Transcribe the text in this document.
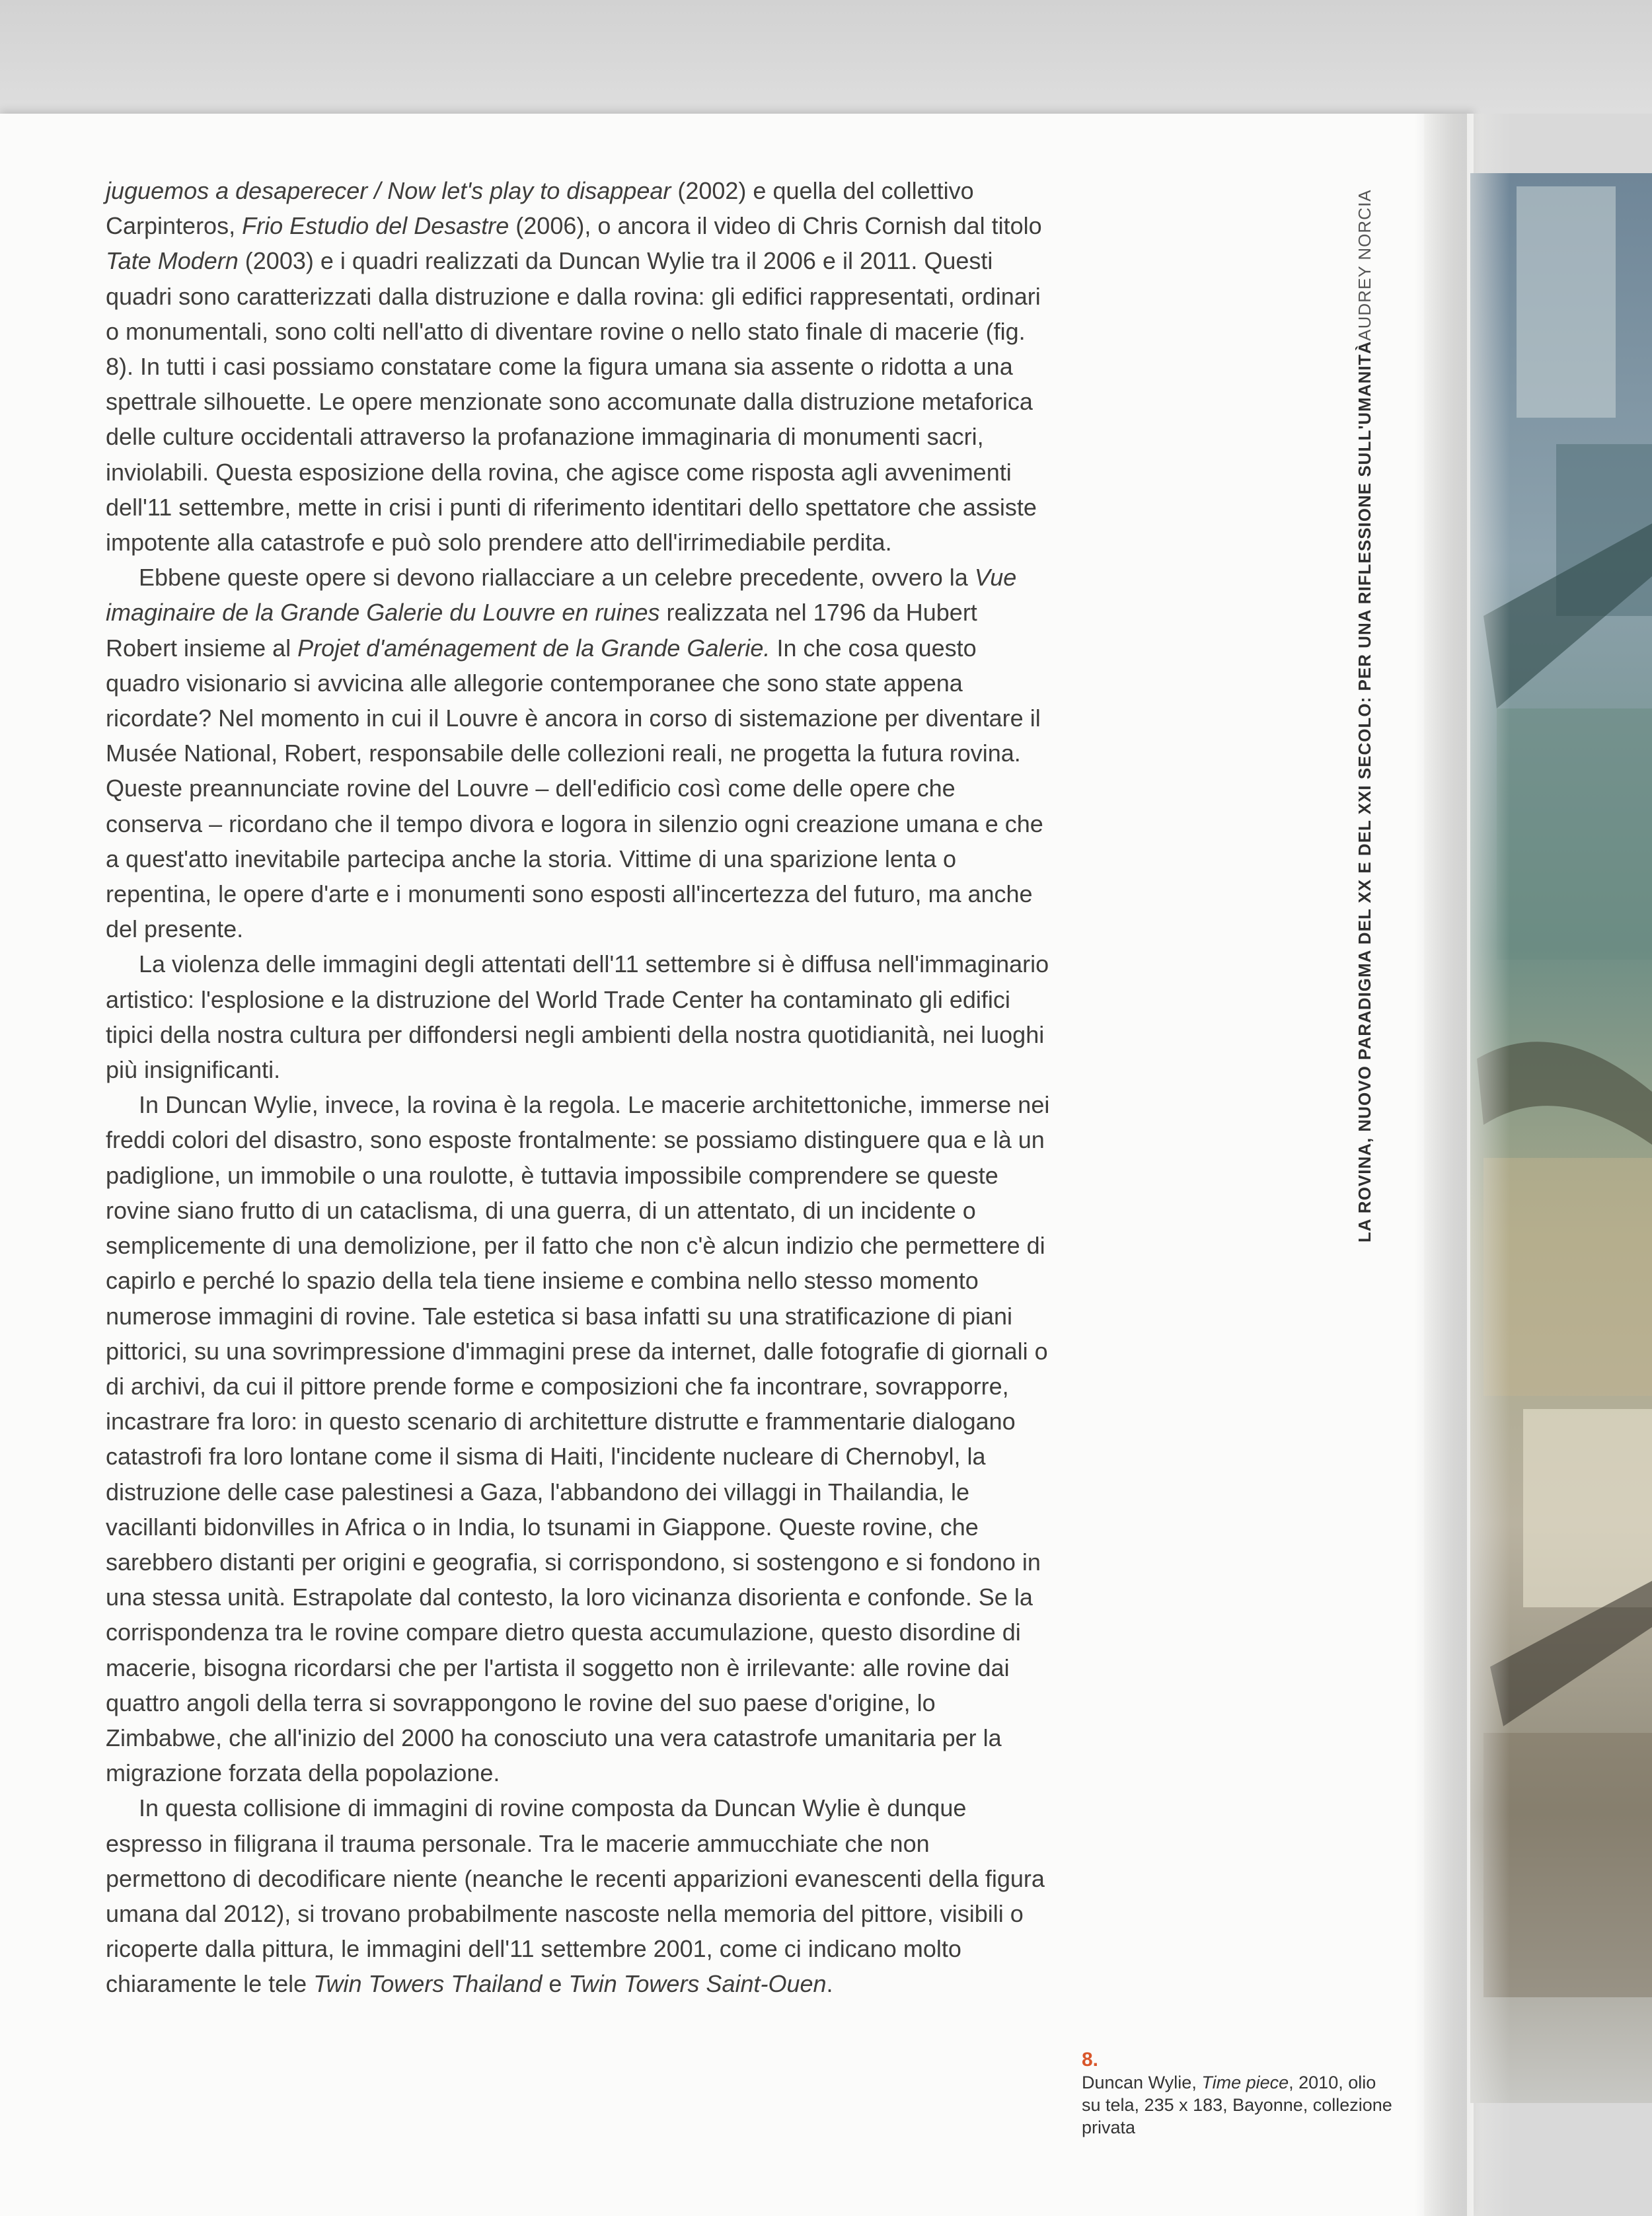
juguemos a desaperecer / Now let's play to disappear (2002) e quella del collettivo Carpinteros, Frio Estudio del Desastre (2006), o ancora il video di Chris Cornish dal titolo Tate Modern (2003) e i quadri realizzati da Duncan Wylie tra il 2006 e il 2011. Questi quadri sono caratterizzati dalla distruzione e dalla rovina: gli edifici rappresentati, ordinari o monumentali, sono colti nell'atto di diventare rovine o nello stato finale di macerie (fig. 8). In tutti i casi possiamo constatare come la figura umana sia assente o ridotta a una spettrale silhouette. Le opere menzionate sono accomunate dalla distruzione metaforica delle culture occidentali attraverso la profanazione immaginaria di monumenti sacri, inviolabili. Questa esposizione della rovina, che agisce come risposta agli avvenimenti dell'11 settembre, mette in crisi i punti di riferimento identitari dello spettatore che assiste impotente alla catastrofe e può solo prendere atto dell'irrimediabile perdita.

Ebbene queste opere si devono riallacciare a un celebre precedente, ovvero la Vue imaginaire de la Grande Galerie du Louvre en ruines realizzata nel 1796 da Hubert Robert insieme al Projet d'aménagement de la Grande Galerie. In che cosa questo quadro visionario si avvicina alle allegorie contemporanee che sono state appena ricordate? Nel momento in cui il Louvre è ancora in corso di sistemazione per diventare il Musée National, Robert, responsabile delle collezioni reali, ne progetta la futura rovina. Queste preannunciate rovine del Louvre – dell'edificio così come delle opere che conserva – ricordano che il tempo divora e logora in silenzio ogni creazione umana e che a quest'atto inevitabile partecipa anche la storia. Vittime di una sparizione lenta o repentina, le opere d'arte e i monumenti sono esposti all'incertezza del futuro, ma anche del presente.

La violenza delle immagini degli attentati dell'11 settembre si è diffusa nell'immaginario artistico: l'esplosione e la distruzione del World Trade Center ha contaminato gli edifici tipici della nostra cultura per diffondersi negli ambienti della nostra quotidianità, nei luoghi più insignificanti.

In Duncan Wylie, invece, la rovina è la regola. Le macerie architettoniche, immerse nei freddi colori del disastro, sono esposte frontalmente: se possiamo distinguere qua e là un padiglione, un immobile o una roulotte, è tuttavia impossibile comprendere se queste rovine siano frutto di un cataclisma, di una guerra, di un attentato, di un incidente o semplicemente di una demolizione, per il fatto che non c'è alcun indizio che permettere di capirlo e perché lo spazio della tela tiene insieme e combina nello stesso momento numerose immagini di rovine. Tale estetica si basa infatti su una stratificazione di piani pittorici, su una sovrimpressione d'immagini prese da internet, dalle fotografie di giornali o di archivi, da cui il pittore prende forme e composizioni che fa incontrare, sovrapporre, incastrare fra loro: in questo scenario di architetture distrutte e frammentarie dialogano catastrofi fra loro lontane come il sisma di Haiti, l'incidente nucleare di Chernobyl, la distruzione delle case palestinesi a Gaza, l'abbandono dei villaggi in Thailandia, le vacillanti bidonvilles in Africa o in India, lo tsunami in Giappone. Queste rovine, che sarebbero distanti per origini e geografia, si corrispondono, si sostengono e si fondono in una stessa unità. Estrapolate dal contesto, la loro vicinanza disorienta e confonde. Se la corrispondenza tra le rovine compare dietro questa accumulazione, questo disordine di macerie, bisogna ricordarsi che per l'artista il soggetto non è irrilevante: alle rovine dai quattro angoli della terra si sovrappongono le rovine del suo paese d'origine, lo Zimbabwe, che all'inizio del 2000 ha conosciuto una vera catastrofe umanitaria per la migrazione forzata della popolazione.

In questa collisione di immagini di rovine composta da Duncan Wylie è dunque espresso in filigrana il trauma personale. Tra le macerie ammucchiate che non permettono di decodificare niente (neanche le recenti apparizioni evanescenti della figura umana dal 2012), si trovano probabilmente nascoste nella memoria del pittore, visibili o ricoperte dalla pittura, le immagini dell'11 settembre 2001, come ci indicano molto chiaramente le tele Twin Towers Thailand e Twin Towers Saint-Ouen.

LA ROVINA, NUOVO PARADIGMA DEL XX E DEL XXI SECOLO: PER UNA RIFLESSIONE SULL'UMANITÀAUDREY NORCIA
8.
Duncan Wylie, Time piece, 2010, olio su tela, 235 x 183, Bayonne, collezione privata
